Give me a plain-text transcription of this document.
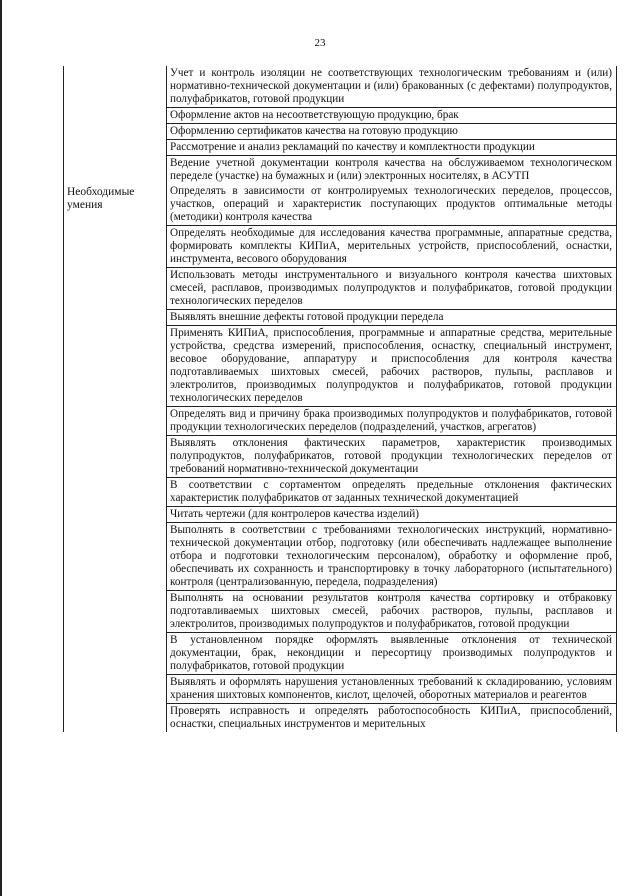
23
Учет и контроль изоляции не соответствующих технологическим требованиям и (или) нормативно-технической документации и (или) бракованных (с дефектами) полупродуктов, полуфабрикатов, готовой продукции
Оформление актов на несоответствующую продукцию, брак
Оформлению сертификатов качества на готовую продукцию
Рассмотрение и анализ рекламаций по качеству и комплектности продукции
Ведение учетной документации контроля качества на обслуживаемом технологическом переделе (участке) на бумажных и (или) электронных носителях, в АСУТП
Необходимые умения
Определять в зависимости от контролируемых технологических переделов, процессов, участков, операций и характеристик поступающих продуктов оптимальные методы (методики) контроля качества
Определять необходимые для исследования качества программные, аппаратные средства, формировать комплекты КИПиА, мерительных устройств, приспособлений, оснастки, инструмента, весового оборудования
Использовать методы инструментального и визуального контроля качества шихтовых смесей, расплавов, производимых полупродуктов и полуфабрикатов, готовой продукции технологических переделов
Выявлять внешние дефекты готовой продукции передела
Применять КИПиА, приспособления, программные и аппаратные средства, мерительные устройства, средства измерений, приспособления, оснастку, специальный инструмент, весовое оборудование, аппаратуру и приспособления для контроля качества подготавливаемых шихтовых смесей, рабочих растворов, пульпы, расплавов и электролитов, производимых полупродуктов и полуфабрикатов, готовой продукции технологических переделов
Определять вид и причину брака производимых полупродуктов и полуфабрикатов, готовой продукции технологических переделов (подразделений, участков, агрегатов)
Выявлять отклонения фактических параметров, характеристик производимых полупродуктов, полуфабрикатов, готовой продукции технологических переделов от требований нормативно-технической документации
В соответствии с сортаментом определять предельные отклонения фактических характеристик полуфабрикатов от заданных технической документацией
Читать чертежи (для контролеров качества изделий)
Выполнять в соответствии с требованиями технологических инструкций, нормативно-технической документации отбор, подготовку (или обеспечивать надлежащее выполнение отбора и подготовки технологическим персоналом), обработку и оформление проб, обеспечивать их сохранность и транспортировку в точку лабораторного (испытательного) контроля (централизованную, передела, подразделения)
Выполнять на основании результатов контроля качества сортировку и отбраковку подготавливаемых шихтовых смесей, рабочих растворов, пульпы, расплавов и электролитов, производимых полупродуктов и полуфабрикатов, готовой продукции
В установленном порядке оформлять выявленные отклонения от технической документации, брак, некондиции и пересортицу производимых полупродуктов и полуфабрикатов, готовой продукции
Выявлять и оформлять нарушения установленных требований к складированию, условиям хранения шихтовых компонентов, кислот, щелочей, оборотных материалов и реагентов
Проверять исправность и определять работоспособность КИПиА, приспособлений, оснастки, специальных инструментов и мерительных
